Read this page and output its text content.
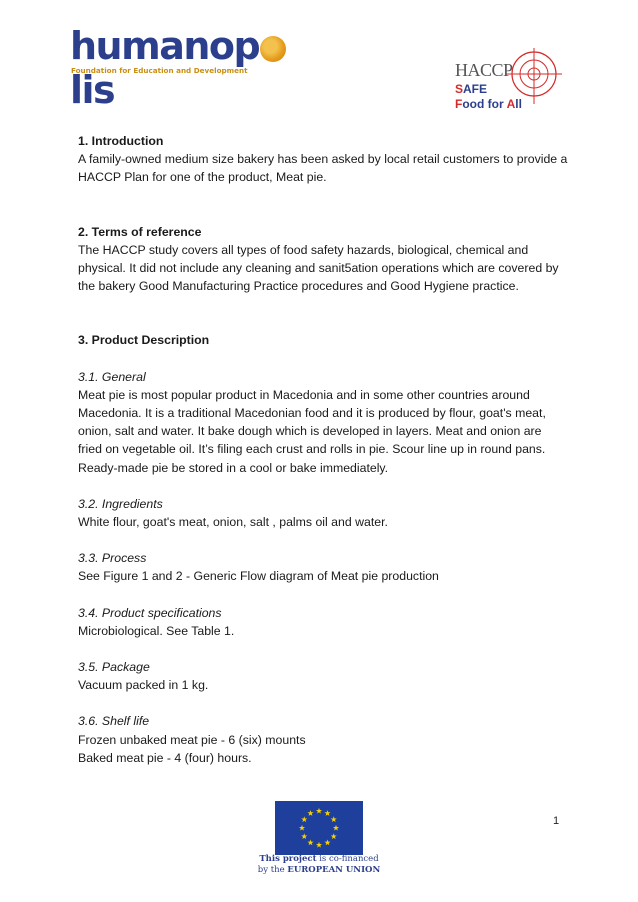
humanoplis
Foundation for Education and Development	HACCP
SAFE
Food for All

1. Introduction

A family-owned medium size bakery has been asked by local retail customers to provide a HACCP Plan for one of the product, Meat pie.

2. Terms of reference

The HACCP study covers all types of food safety hazards, biological, chemical and physical. It did not include any cleaning and sanit5ation operations which are covered by the bakery Good Manufacturing Practice procedures and Good Hygiene practice.

3. Product Description

3.1. General

Meat pie is most popular product in Macedonia and in some other countries around Macedonia. It is a traditional Macedonian food and it is produced by flour, goat's meat, onion, salt and water. It bake dough which is developed in layers. Meat and onion are fried on vegetable oil. It’s filing each crust and rolls in pie. Scour line up in round pans. Ready-made pie be stored in a cool or bake immediately.

3.2. Ingredients

White flour, goat's meat, onion, salt , palms oil and water.

3.3. Process

See Figure 1 and 2 - Generic Flow diagram of Meat pie production

3.4. Product specifications

Microbiological. See Table 1.

3.5. Package

Vacuum packed in 1 kg.

3.6. Shelf life

Frozen unbaked meat pie - 6 (six) mounts

Baked meat pie - 4 (four) hours.

This project is co-financed
by the EUROPEAN UNION
1
